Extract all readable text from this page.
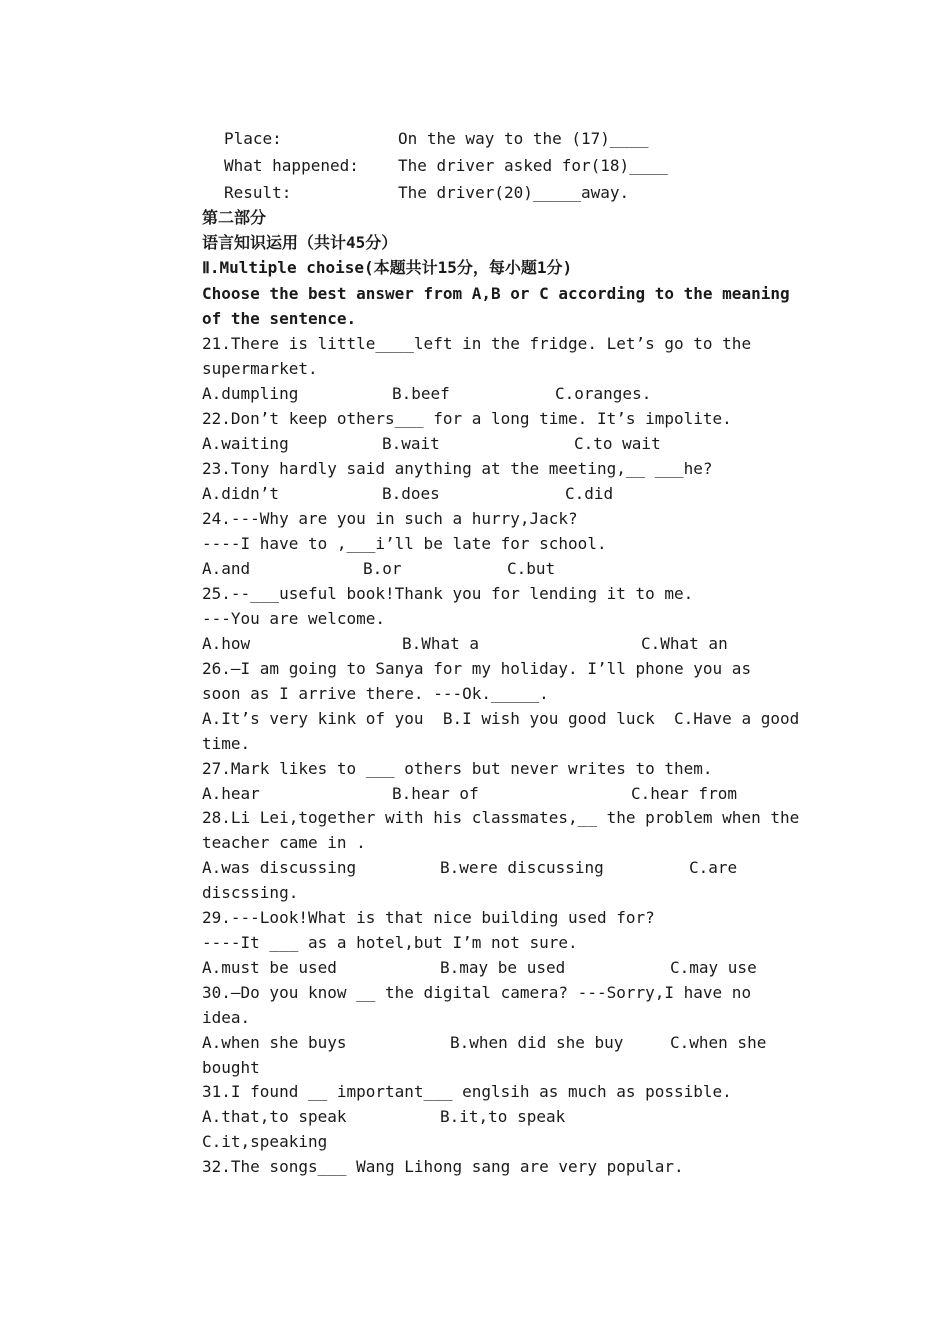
Place:	On the way to the (17)____
What happened: The driver asked for(18)____
Result:	The driver(20)_____away.
第二部分
语言知识运用（共计45分）
Ⅱ.Multiple choise(本题共计15分，每小题1分)
Choose the best answer from A,B or C according to the meaning
of the sentence.
21.There is little____left in the fridge. Let’s go to the
supermarket.
A.dumpling	B.beef	C.oranges.
22.Don’t keep others___ for a long time. It’s impolite.
A.waiting	B.wait	C.to wait
23.Tony hardly said anything at the meeting,__ ___he?
A.didn’t	B.does	C.did
24.---Why are you in such a hurry,Jack?
----I have to ,___i’ll be late for school.
A.and	B.or	C.but
25.--___useful book!Thank you for lending it to me.
---You are welcome.
A.how	B.What a	C.What an
26.—I am going to Sanya for my holiday. I’ll phone you as
soon as I arrive there. ---Ok._____.
A.It’s very kink of you  B.I wish you good luck  C.Have a good
time.
27.Mark likes to ___ others but never writes to them.
A.hear	B.hear of	C.hear from
28.Li Lei,together with his classmates,__ the problem when the
teacher came in .
A.was discussing	B.were discussing	C.are
discssing.
29.---Look!What is that nice building used for?
----It ___ as a hotel,but I’m not sure.
A.must be used	B.may be used	C.may use
30.—Do you know __ the digital camera? ---Sorry,I have no
idea.
A.when she buys	B.when did she buy	C.when she
bought
31.I found __ important___ englsih as much as possible.
A.that,to speak	B.it,to speak
C.it,speaking
32.The songs___ Wang Lihong sang are very popular.
